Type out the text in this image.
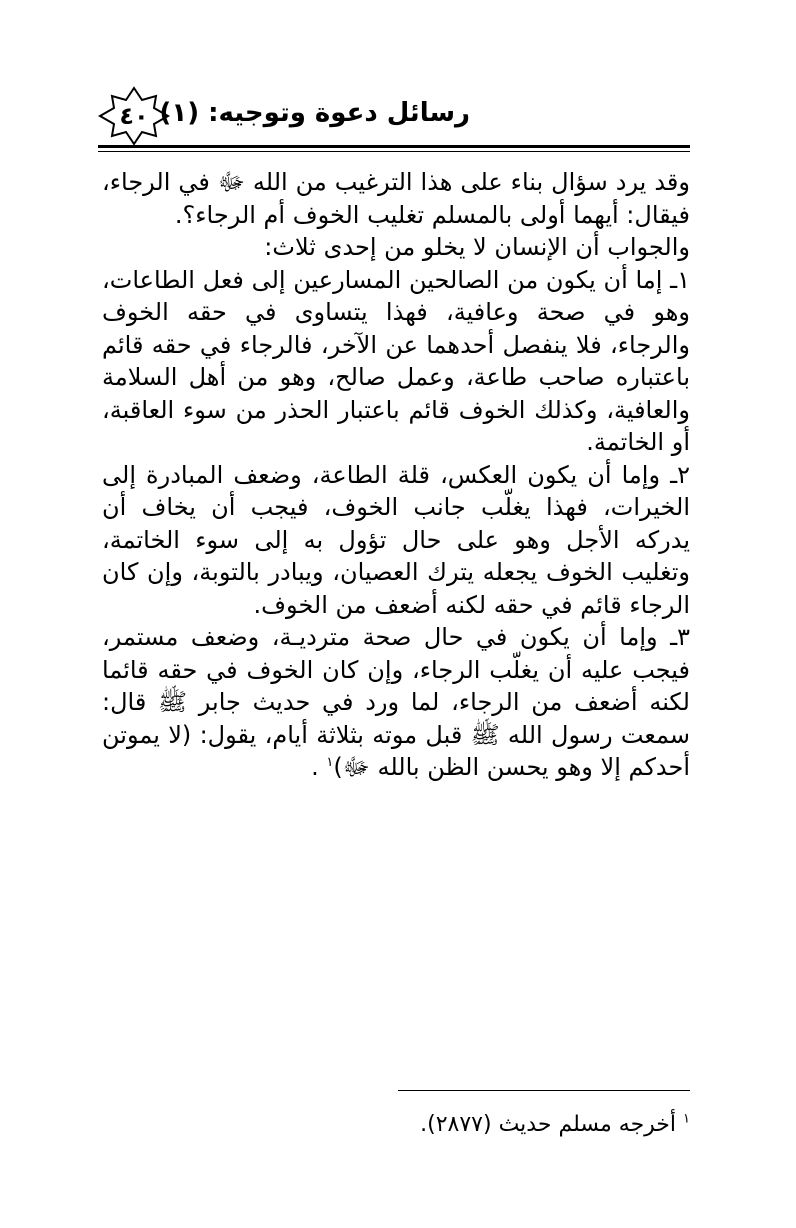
٤٠ رسائل دعوة وتوجيه: (١)

وقد يرد سؤال بناء على هذا الترغيب من الله ﷻ في الرجاء، فيقال: أيهما أولى بالمسلم تغليب الخوف أم الرجاء؟.

والجواب أن الإنسان لا يخلو من إحدى ثلاث:

١ـ إما أن يكون من الصالحين المسارعين إلى فعل الطاعات، وهو في صحة وعافية، فهذا يتساوى في حقه الخوف والرجاء، فلا ينفصل أحدهما عن الآخر، فالرجاء في حقه قائم باعتباره صاحب طاعة، وعمل صالح، وهو من أهل السلامة والعافية، وكذلك الخوف قائم باعتبار الحذر من سوء العاقبة، أو الخاتمة.

٢ـ وإما أن يكون العكس، قلة الطاعة، وضعف المبادرة إلى الخيرات، فهذا يغلّب جانب الخوف، فيجب أن يخاف أن يدركه الأجل وهو على حال تؤول به إلى سوء الخاتمة، وتغليب الخوف يجعله يترك العصيان، ويبادر بالتوبة، وإن كان الرجاء قائم في حقه لكنه أضعف من الخوف.

٣ـ وإما أن يكون في حال صحة مترديـة، وضعف مستمر، فيجب عليه أن يغلّب الرجاء، وإن كان الخوف في حقه قائما لكنه أضعف من الرجاء، لما ورد في حديث جابر ﷺ قال: سمعت رسول الله ﷺ قبل موته بثلاثة أيام، يقول: (لا يموتن أحدكم إلا وهو يحسن الظن بالله ﷻ)$^١$ .

$^١$ أخرجه مسلم حديث (٢٨٧٧).
